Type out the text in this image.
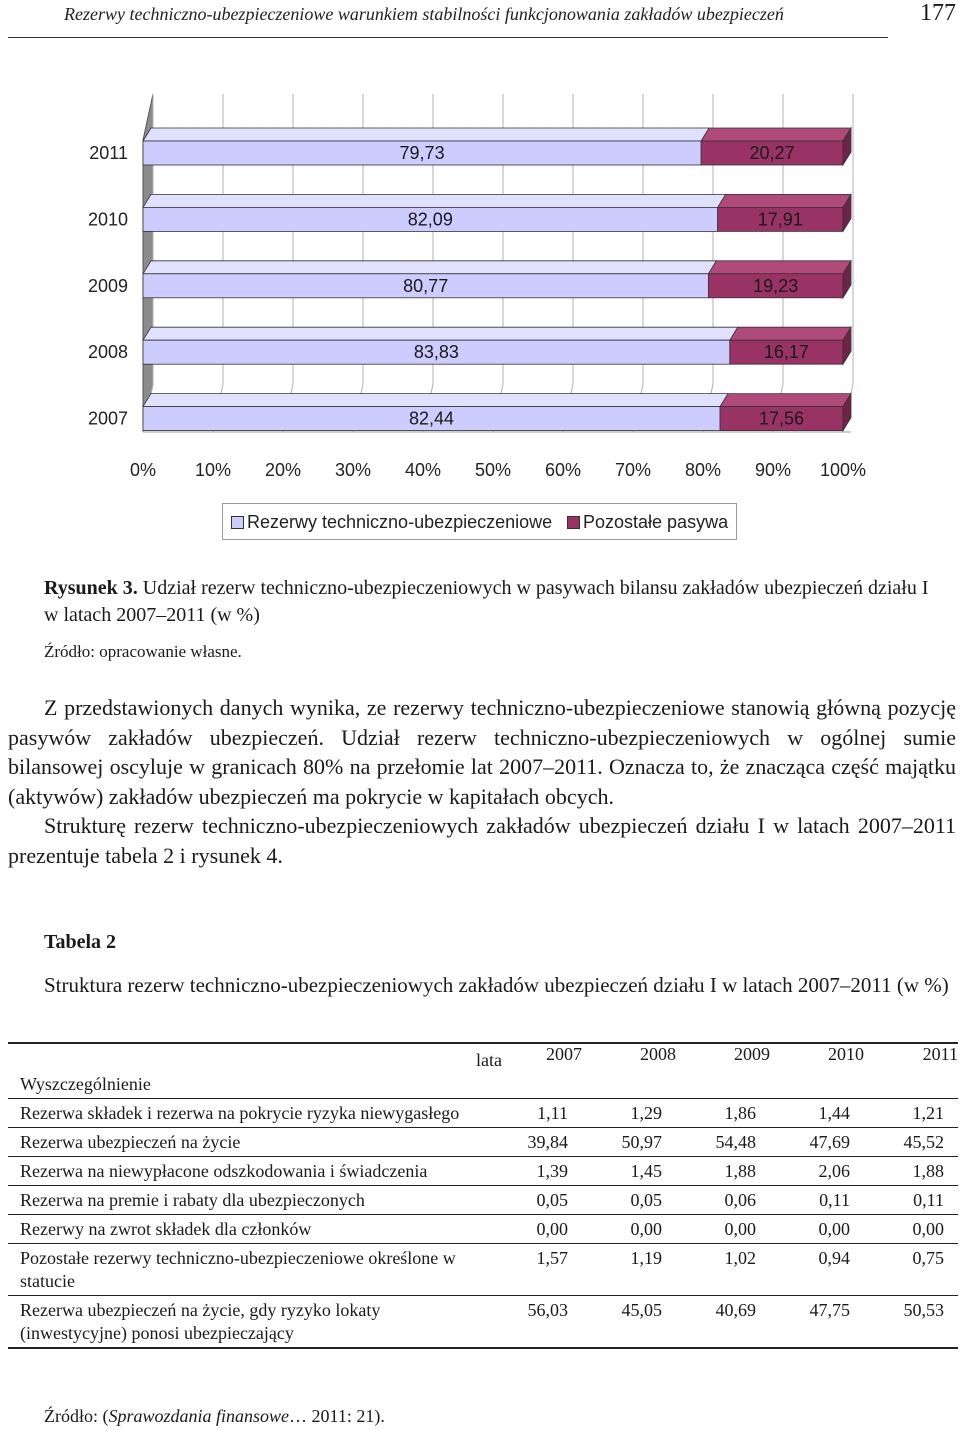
Rezerwy techniczno-ubezpieczeniowe warunkiem stabilności funkcjonowania zakładów ubezpieczeń	177
0% 10% 20% 30% 40% 50% 60% 70% 80% 90% 100%
79,73	20,27
2011
82,09	17,91
2010
80,77	19,23
2009
83,83	16,17
2008
82,44	17,56
2007
Rezerwy techniczno-ubezpieczeniowe Pozostałe pasywa
Rysunek 3. Udział rezerw techniczno-ubezpieczeniowych w pasywach bilansu zakładów ubezpieczeń działu I w latach 2007–2011 (w %)
Źródło: opracowanie własne.

Z przedstawionych danych wynika, ze rezerwy techniczno-ubezpieczeniowe stanowią główną pozycję pasywów zakładów ubezpieczeń. Udział rezerw techniczno-ubezpieczeniowych w ogólnej sumie bilansowej oscyluje w granicach 80% na przełomie lat 2007–2011. Oznacza to, że znacząca część majątku (aktywów) zakładów ubezpieczeń ma pokrycie w kapitałach obcych.

Strukturę rezerw techniczno-ubezpieczeniowych zakładów ubezpieczeń działu I w latach 2007–2011 prezentuje tabela 2 i rysunek 4.

Tabela 2
Struktura rezerw techniczno-ubezpieczeniowych zakładów ubezpieczeń działu I w latach 2007–2011 (w %)
lata
Wyszczególnienie	2007	2008	2009	2010	2011
Rezerwa składek i rezerwa na pokrycie ryzyka niewygasłego	1,11	1,29	1,86	1,44	1,21
Rezerwa ubezpieczeń na życie	39,84	50,97	54,48	47,69	45,52
Rezerwa na niewypłacone odszkodowania i świadczenia	1,39	1,45	1,88	2,06	1,88
Rezerwa na premie i rabaty dla ubezpieczonych	0,05	0,05	0,06	0,11	0,11
Rezerwy na zwrot składek dla członków	0,00	0,00	0,00	0,00	0,00
Pozostałe rezerwy techniczno-ubezpieczeniowe określone w statucie	1,57	1,19	1,02	0,94	0,75
Rezerwa ubezpieczeń na życie, gdy ryzyko lokaty (inwestycyjne) ponosi ubezpieczający	56,03	45,05	40,69	47,75	50,53
Źródło: (Sprawozdania finansowe… 2011: 21).
